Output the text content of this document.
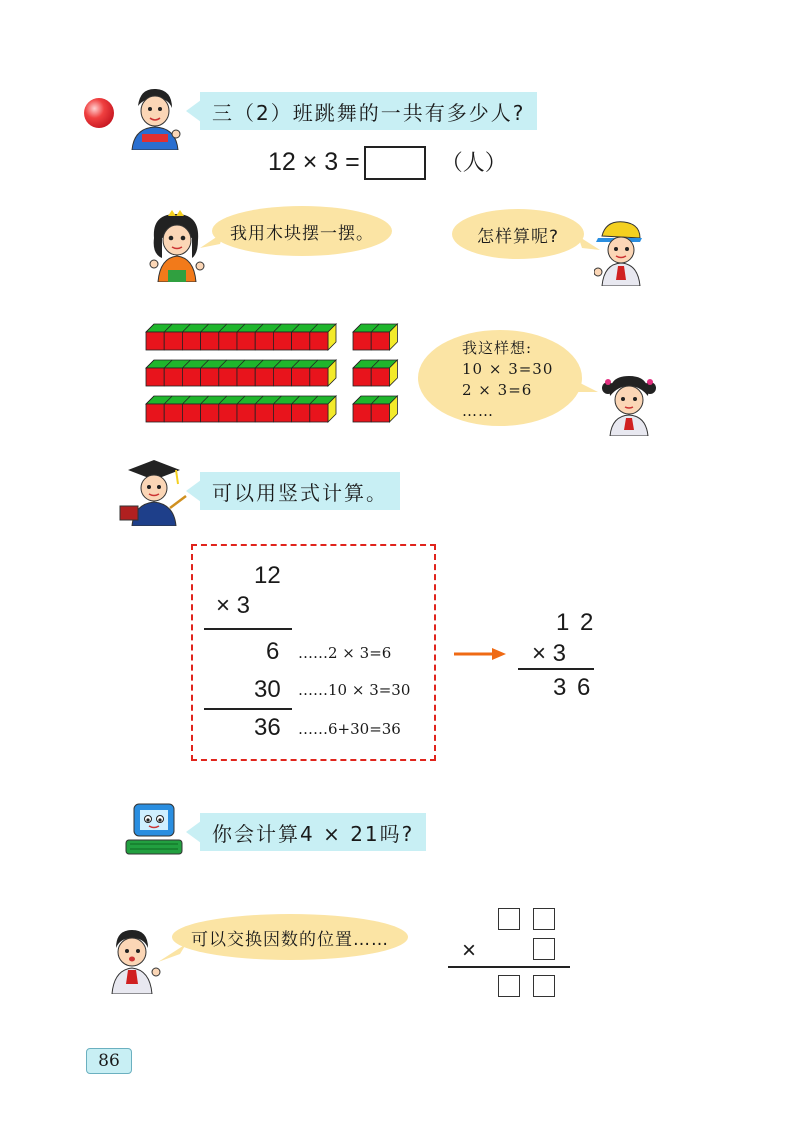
三（2）班跳舞的一共有多少人?
12 × 3 =	（人）
我用木块摆一摆。	怎样算呢?
我这样想:
10 × 3=30
2 × 3=6
……
可以用竖式计算。
12
× 3
6 ……2 × 3=6
30 ……10 × 3=30
36 ……6+30=36
1 2
× 3
3 6
你会计算4 × 21吗?
可以交换因数的位置……	×
86
